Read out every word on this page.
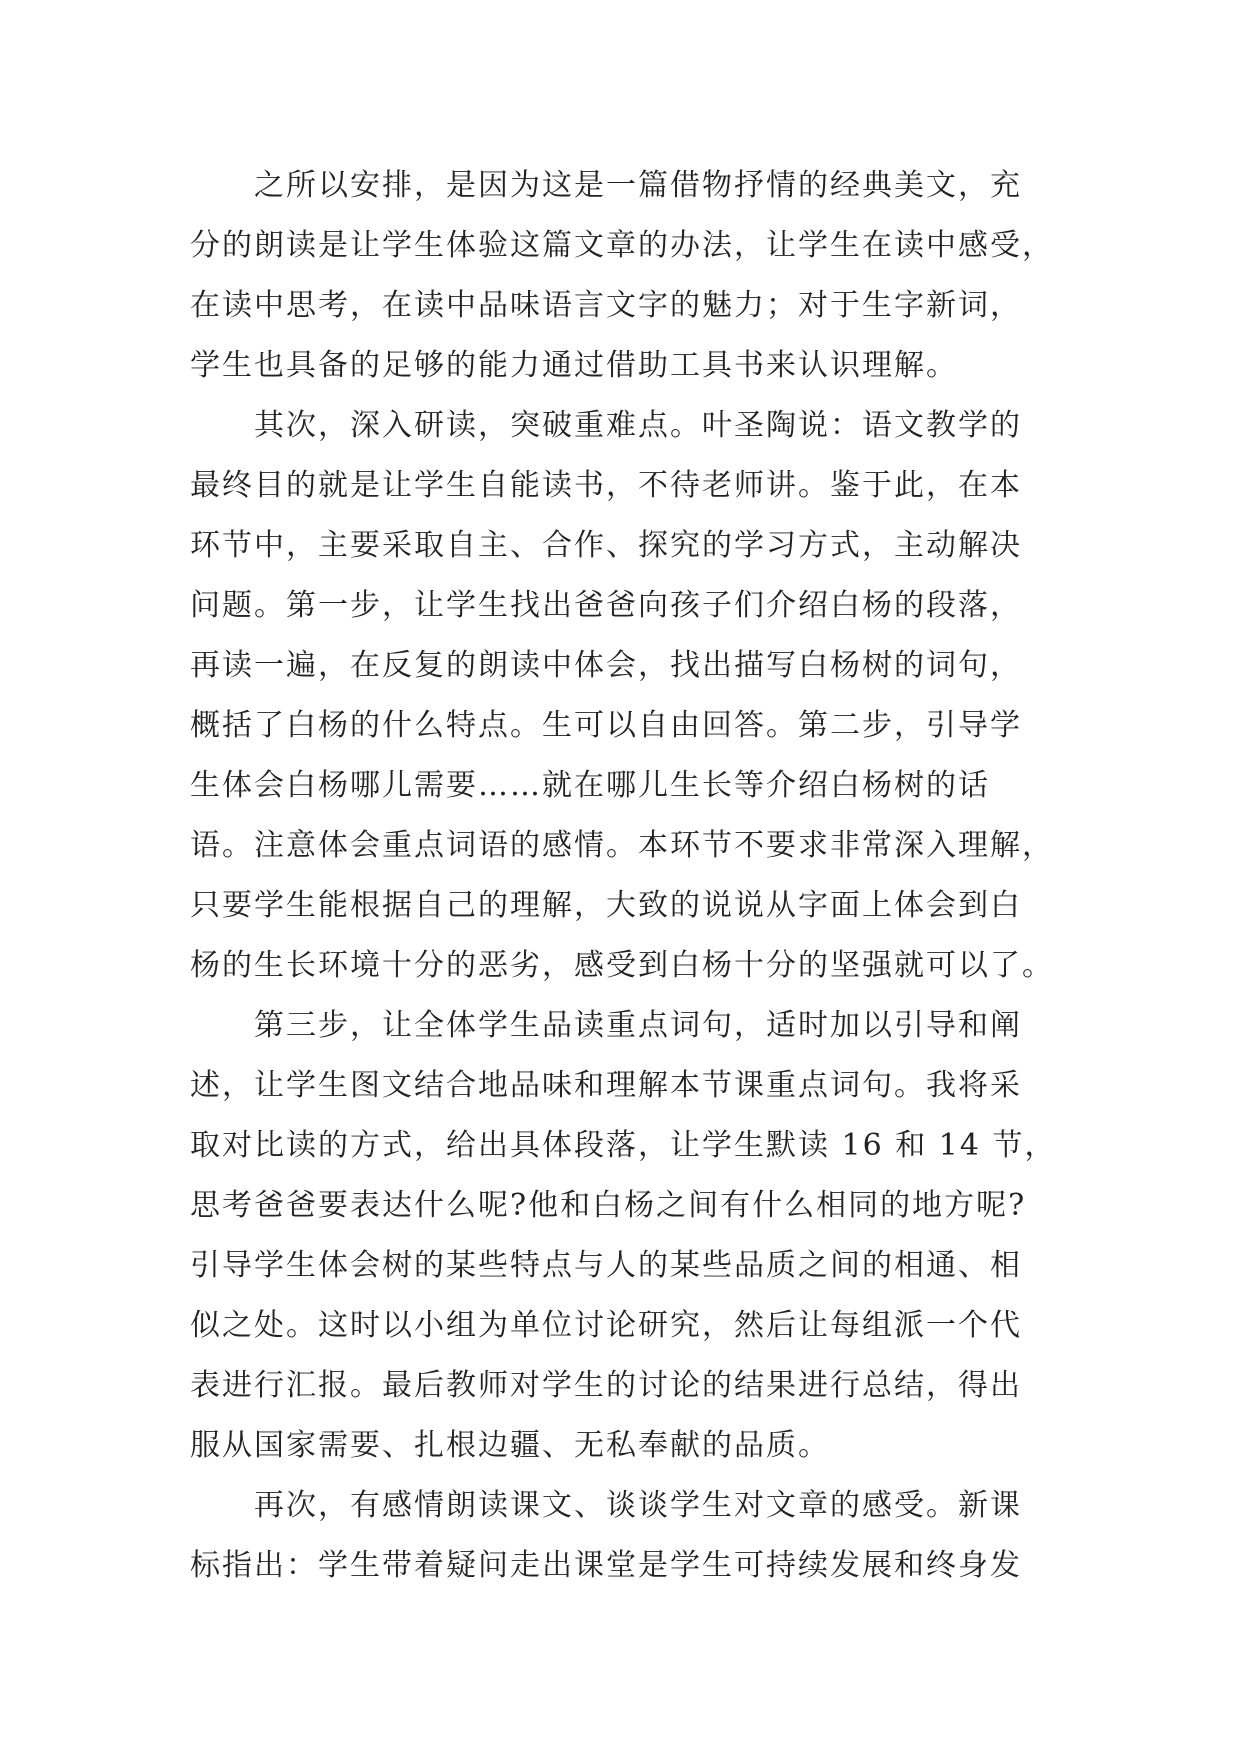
之所以安排，是因为这是一篇借物抒情的经典美文，充
分的朗读是让学生体验这篇文章的办法，让学生在读中感受，
在读中思考，在读中品味语言文字的魅力；对于生字新词，
学生也具备的足够的能力通过借助工具书来认识理解。
其次，深入研读，突破重难点。叶圣陶说：语文教学的
最终目的就是让学生自能读书，不待老师讲。鉴于此，在本
环节中，主要采取自主、合作、探究的学习方式，主动解决
问题。第一步，让学生找出爸爸向孩子们介绍白杨的段落，
再读一遍，在反复的朗读中体会，找出描写白杨树的词句，
概括了白杨的什么特点。生可以自由回答。第二步，引导学
生体会白杨哪儿需要……就在哪儿生长等介绍白杨树的话
语。注意体会重点词语的感情。本环节不要求非常深入理解，
只要学生能根据自己的理解，大致的说说从字面上体会到白
杨的生长环境十分的恶劣，感受到白杨十分的坚强就可以了。
第三步，让全体学生品读重点词句，适时加以引导和阐
述，让学生图文结合地品味和理解本节课重点词句。我将采
取对比读的方式，给出具体段落，让学生默读 16 和 14 节，
思考爸爸要表达什么呢?他和白杨之间有什么相同的地方呢?
引导学生体会树的某些特点与人的某些品质之间的相通、相
似之处。这时以小组为单位讨论研究，然后让每组派一个代
表进行汇报。最后教师对学生的讨论的结果进行总结，得出
服从国家需要、扎根边疆、无私奉献的品质。
再次，有感情朗读课文、谈谈学生对文章的感受。新课
标指出：学生带着疑问走出课堂是学生可持续发展和终身发
